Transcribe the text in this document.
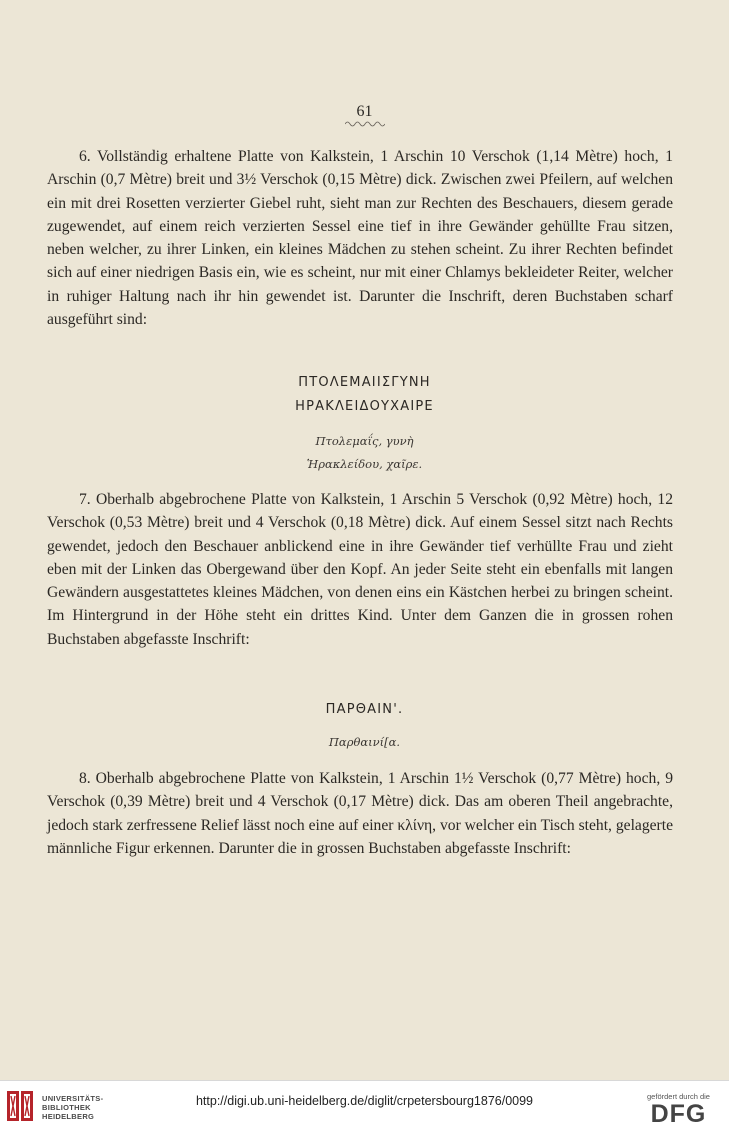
61

6. Vollständig erhaltene Platte von Kalkstein, 1 Arschin 10 Verschok (1,14 Mètre) hoch, 1 Arschin (0,7 Mètre) breit und 3½ Verschok (0,15 Mètre) dick. Zwischen zwei Pfeilern, auf welchen ein mit drei Rosetten verzierter Giebel ruht, sieht man zur Rechten des Beschauers, diesem gerade zugewendet, auf einem reich verzierten Sessel eine tief in ihre Gewänder gehüllte Frau sitzen, neben welcher, zu ihrer Linken, ein kleines Mädchen zu stehen scheint. Zu ihrer Rechten befindet sich auf einer niedrigen Basis ein, wie es scheint, nur mit einer Chlamys bekleideter Reiter, welcher in ruhiger Haltung nach ihr hin gewendet ist. Darunter die Inschrift, deren Buchstaben scharf ausgeführt sind:

ΠΤΟΛΕΜΑΙΙΣΓΥΝΗ
ΗΡΑΚΛΕΙΔΟΥΧΑΙΡΕ
Πτολεμαΐς, γυνὴ
Ἡρακλείδου, χαῖρε.

7. Oberhalb abgebrochene Platte von Kalkstein, 1 Arschin 5 Verschok (0,92 Mètre) hoch, 12 Verschok (0,53 Mètre) breit und 4 Verschok (0,18 Mètre) dick. Auf einem Sessel sitzt nach Rechts gewendet, jedoch den Beschauer anblickend eine in ihre Gewänder tief verhüllte Frau und zieht eben mit der Linken das Obergewand über den Kopf. An jeder Seite steht ein ebenfalls mit langen Gewändern ausgestattetes kleines Mädchen, von denen eins ein Kästchen herbei zu bringen scheint. Im Hintergrund in der Höhe steht ein drittes Kind. Unter dem Ganzen die in grossen rohen Buchstaben abgefasste Inschrift:

ΠΑΡΘΑΙΝ'.
Παρθαινί[α.

8. Oberhalb abgebrochene Platte von Kalkstein, 1 Arschin 1½ Verschok (0,77 Mètre) hoch, 9 Verschok (0,39 Mètre) breit und 4 Verschok (0,17 Mètre) dick. Das am oberen Theil angebrachte, jedoch stark zerfressene Relief lässt noch eine auf einer κλίνη, vor welcher ein Tisch steht, gelagerte männliche Figur erkennen. Darunter die in grossen Buchstaben abgefasste Inschrift:

UNIVERSITÄTS-
BIBLIOTHEK
HEIDELBERG
http://digi.ub.uni-heidelberg.de/diglit/crpetersbourg1876/0099	gefördert durch die
DFG
